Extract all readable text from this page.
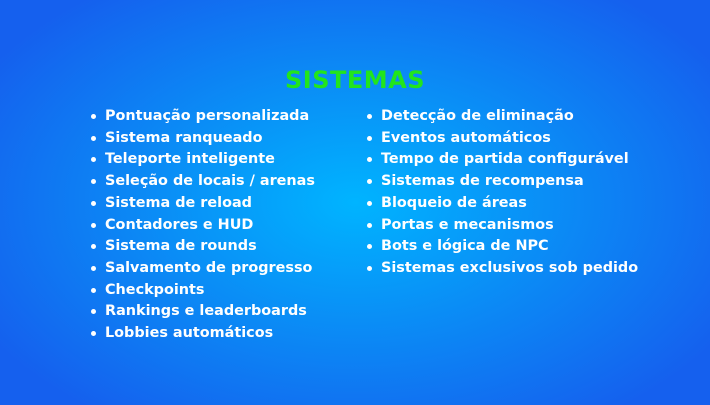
SISTEMAS
Pontuação personalizada
Sistema ranqueado
Teleporte inteligente
Seleção de locais / arenas
Sistema de reload
Contadores e HUD
Sistema de rounds
Salvamento de progresso
Checkpoints
Rankings e leaderboards
Lobbies automáticos
Detecção de eliminação
Eventos automáticos
Tempo de partida configurável
Sistemas de recompensa
Bloqueio de áreas
Portas e mecanismos
Bots e lógica de NPC
Sistemas exclusivos sob pedido
